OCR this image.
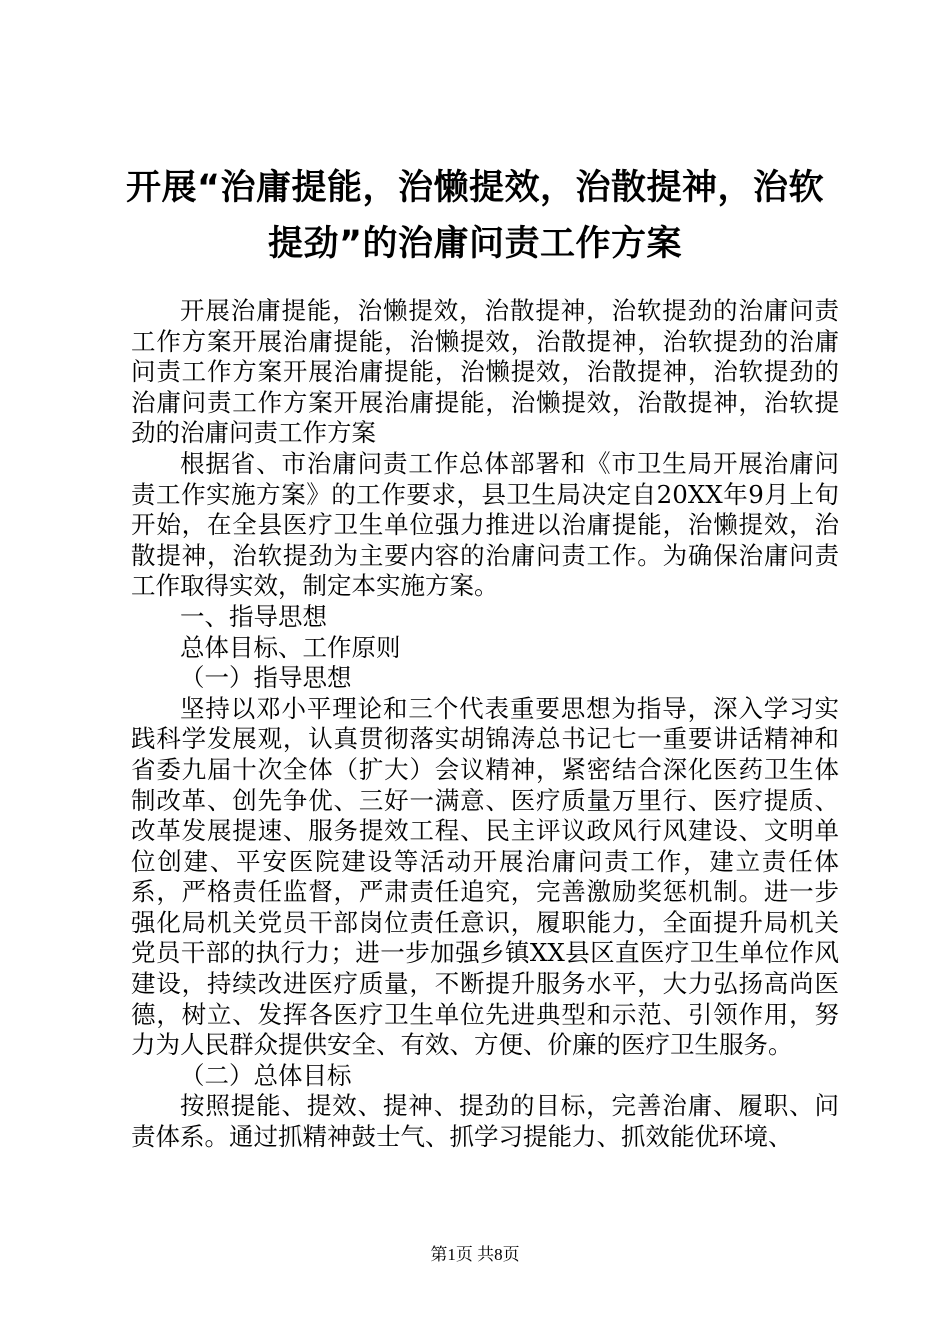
开展“治庸提能，治懒提效，治散提神，治软
提劲”的治庸问责工作方案

开展治庸提能，治懒提效，治散提神，治软提劲的治庸问责工作方案开展治庸提能，治懒提效，治散提神，治软提劲的治庸问责工作方案开展治庸提能，治懒提效，治散提神，治软提劲的治庸问责工作方案开展治庸提能，治懒提效，治散提神，治软提劲的治庸问责工作方案

根据省、市治庸问责工作总体部署和《市卫生局开展治庸问责工作实施方案》的工作要求，县卫生局决定自20XX年9月上旬开始，在全县医疗卫生单位强力推进以治庸提能，治懒提效，治散提神，治软提劲为主要内容的治庸问责工作。为确保治庸问责工作取得实效，制定本实施方案。

一、指导思想

总体目标、工作原则

（一）指导思想

坚持以邓小平理论和三个代表重要思想为指导，深入学习实践科学发展观，认真贯彻落实胡锦涛总书记七一重要讲话精神和省委九届十次全体（扩大）会议精神，紧密结合深化医药卫生体制改革、创先争优、三好一满意、医疗质量万里行、医疗提质、改革发展提速、服务提效工程、民主评议政风行风建设、文明单位创建、平安医院建设等活动开展治庸问责工作，建立责任体系，严格责任监督，严肃责任追究，完善激励奖惩机制。进一步强化局机关党员干部岗位责任意识，履职能力，全面提升局机关党员干部的执行力；进一步加强乡镇XX县区直医疗卫生单位作风建设，持续改进医疗质量，不断提升服务水平，大力弘扬高尚医德，树立、发挥各医疗卫生单位先进典型和示范、引领作用，努力为人民群众提供安全、有效、方便、价廉的医疗卫生服务。

（二）总体目标

按照提能、提效、提神、提劲的目标，完善治庸、履职、问责体系。通过抓精神鼓士气、抓学习提能力、抓效能优环境、

第1页 共8页
